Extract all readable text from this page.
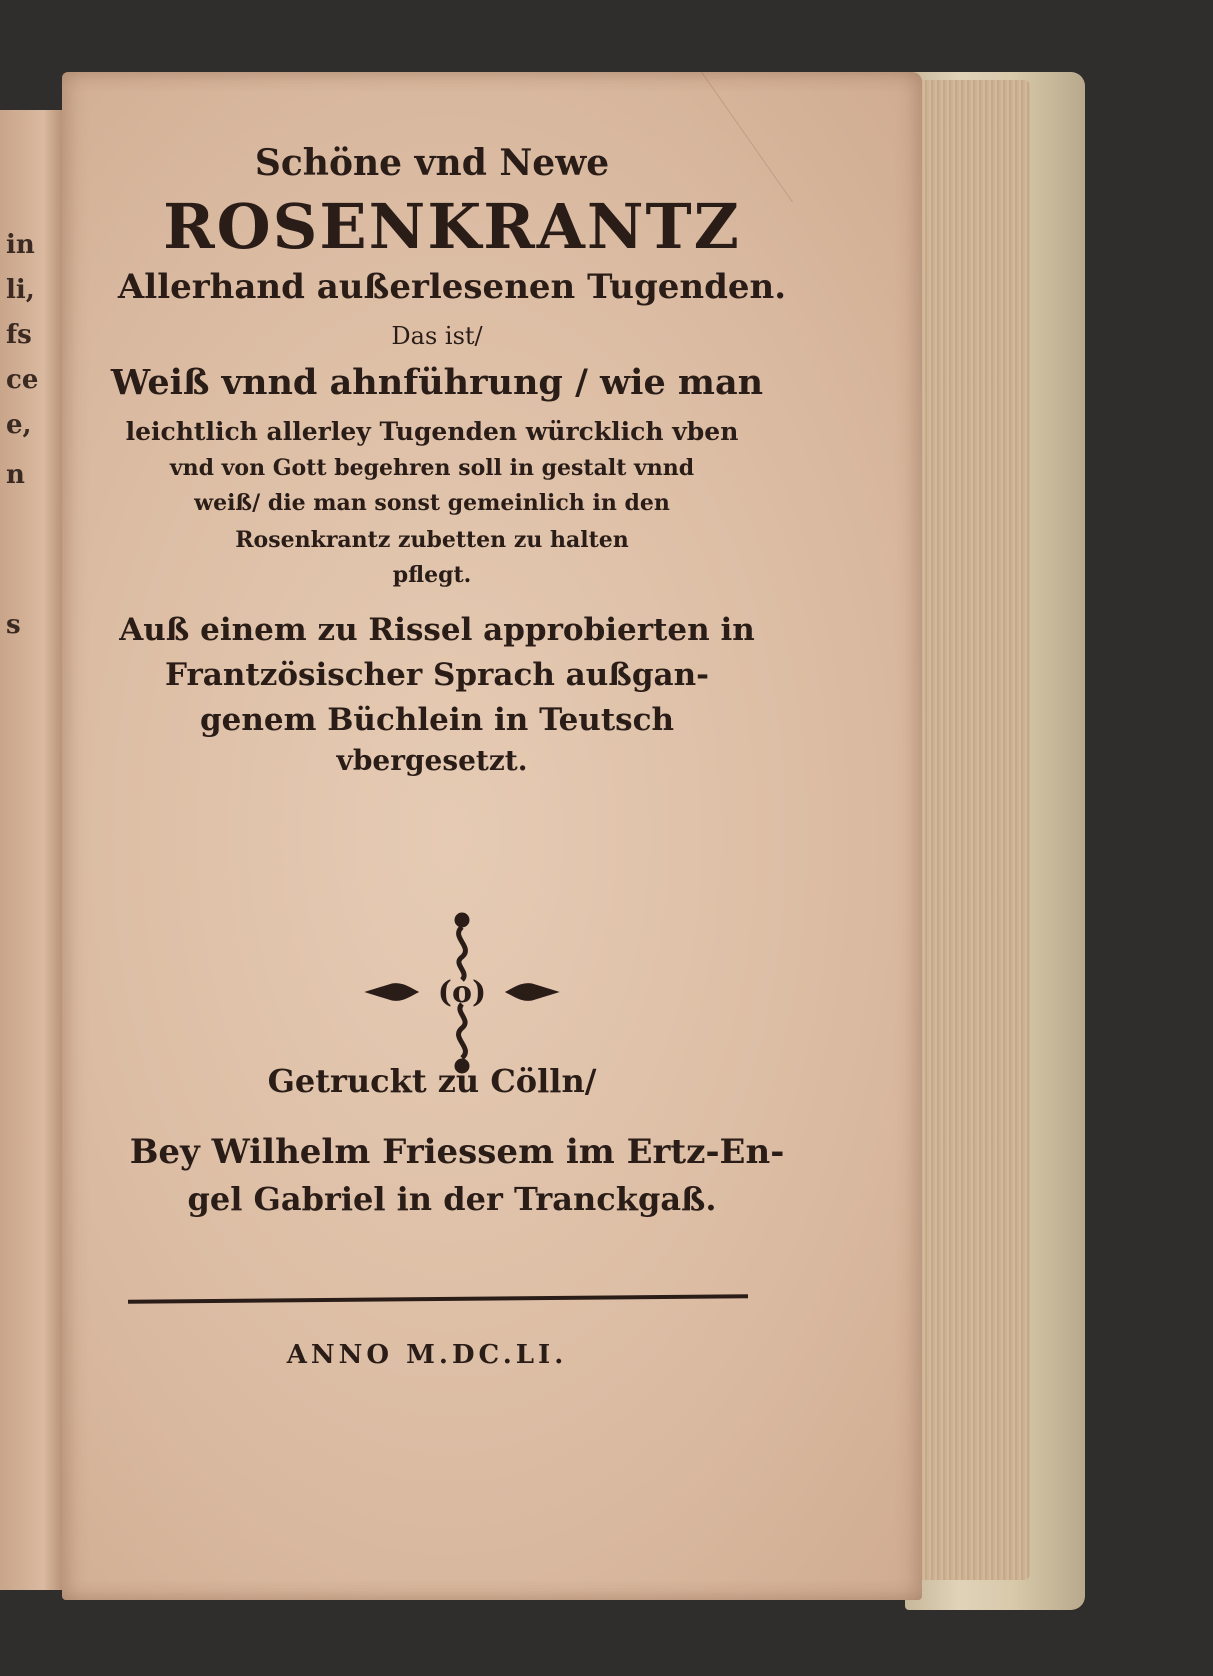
in
li,
fs
ce
e,
n
s
Schöne vnd Newe
ROSENKRANTZ
Allerhand außerlesenen Tugenden.
Das ist/
Weiß vnnd ahnführung / wie man
leichtlich allerley Tugenden würcklich vben
vnd von Gott begehren soll in gestalt vnnd
weiß/ die man sonst gemeinlich in den
Rosenkrantz zubetten zu halten
pflegt.
Auß einem zu Rissel approbierten in
Frantzösischer Sprach außgan-
genem Büchlein in Teutsch
vbergesetzt.
(o)
Getruckt zu Cölln/
Bey Wilhelm Friessem im Ertz-En-
gel Gabriel in der Tranckgaß.
ANNO M.DC.LI.
